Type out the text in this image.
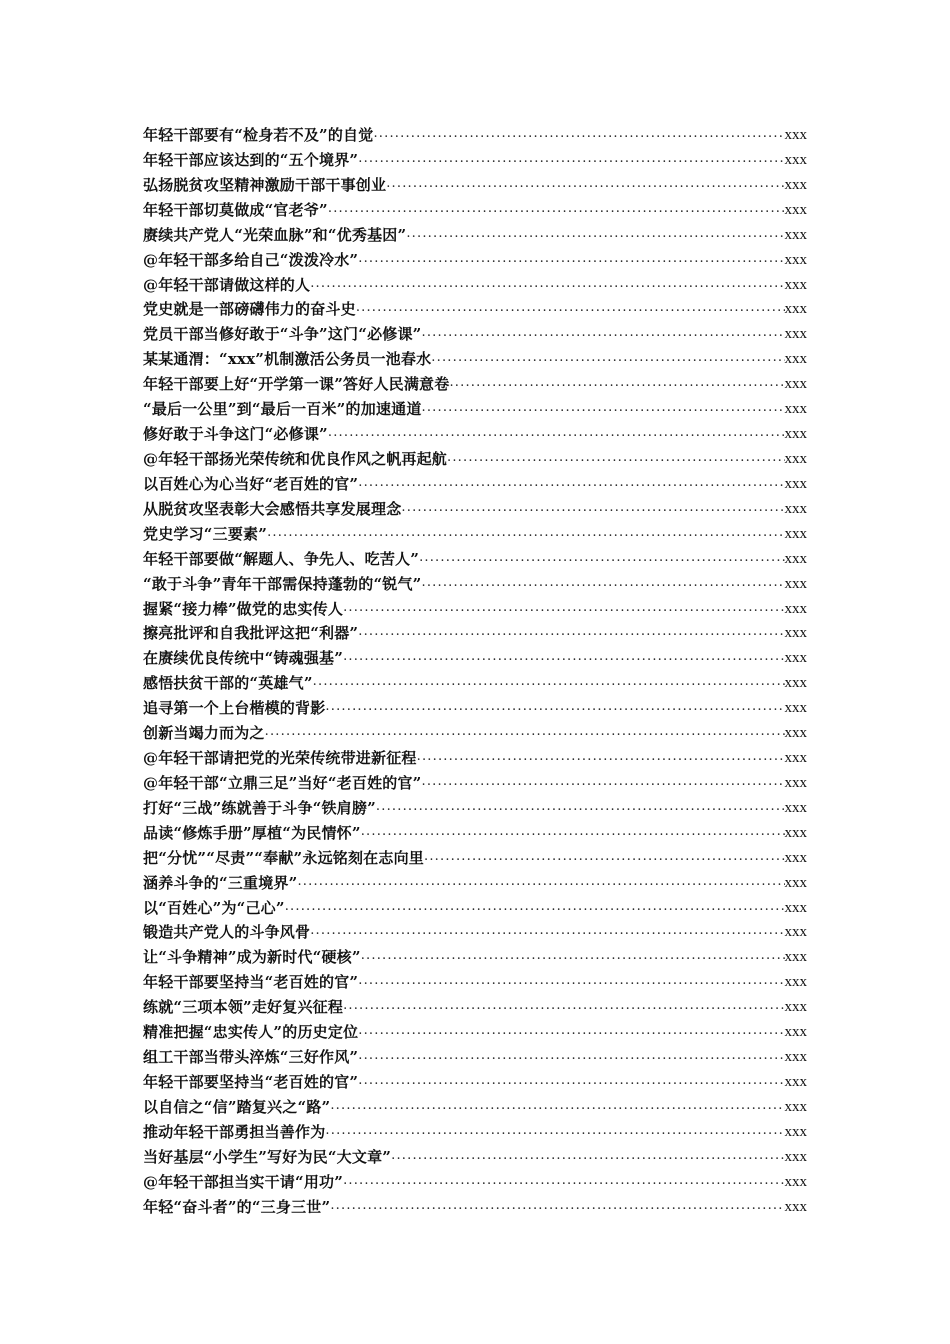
年轻干部要有“检身若不及”的自觉 .....	xxx
年轻干部应该达到的“五个境界” .....	xxx
弘扬脱贫攻坚精神激励干部干事创业 .....	xxx
年轻干部切莫做成“官老爷” .....	xxx
赓续共产党人“光荣血脉”和“优秀基因” .....	xxx
@年轻干部多给自己“泼泼冷水” .....	xxx
@年轻干部请做这样的人 .....	xxx
党史就是一部磅礴伟力的奋斗史 .....	xxx
党员干部当修好敢于“斗争”这门“必修课” .....	xxx
某某通渭：“xxx”机制激活公务员一池春水 .....	xxx
年轻干部要上好“开学第一课”答好人民满意卷 .....	xxx
“最后一公里”到“最后一百米”的加速通道 .....	xxx
修好敢于斗争这门“必修课” .....	xxx
@年轻干部扬光荣传统和优良作风之帆再起航 .....	xxx
以百姓心为心当好“老百姓的官” .....	xxx
从脱贫攻坚表彰大会感悟共享发展理念 .....	xxx
党史学习“三要素” .....	xxx
年轻干部要做“解题人、争先人、吃苦人” .....	xxx
“敢于斗争”青年干部需保持蓬勃的“锐气” .....	xxx
握紧“接力棒”做党的忠实传人 .....	xxx
擦亮批评和自我批评这把“利器” .....	xxx
在赓续优良传统中“铸魂强基” .....	xxx
感悟扶贫干部的“英雄气” .....	xxx
追寻第一个上台楷模的背影 .....	xxx
创新当竭力而为之 .....	xxx
@年轻干部请把党的光荣传统带进新征程 .....	xxx
@年轻干部“立鼎三足”当好“老百姓的官” .....	xxx
打好“三战”练就善于斗争“铁肩膀” .....	xxx
品读“修炼手册”厚植“为民情怀” .....	xxx
把“分忧”“尽责”“奉献”永远铭刻在志向里 .....	xxx
涵养斗争的“三重境界” .....	xxx
以“百姓心”为“己心” .....	xxx
锻造共产党人的斗争风骨 .....	xxx
让“斗争精神”成为新时代“硬核” .....	xxx
年轻干部要坚持当“老百姓的官” .....	xxx
练就“三项本领”走好复兴征程 .....	xxx
精准把握“忠实传人”的历史定位 .....	xxx
组工干部当带头淬炼“三好作风” .....	xxx
年轻干部要坚持当“老百姓的官” .....	xxx
以自信之“信”踏复兴之“路” .....	xxx
推动年轻干部勇担当善作为 .....	xxx
当好基层“小学生”写好为民“大文章” .....	xxx
@年轻干部担当实干请“用功” .....	xxx
年轻“奋斗者”的“三身三世” .....	xxx
